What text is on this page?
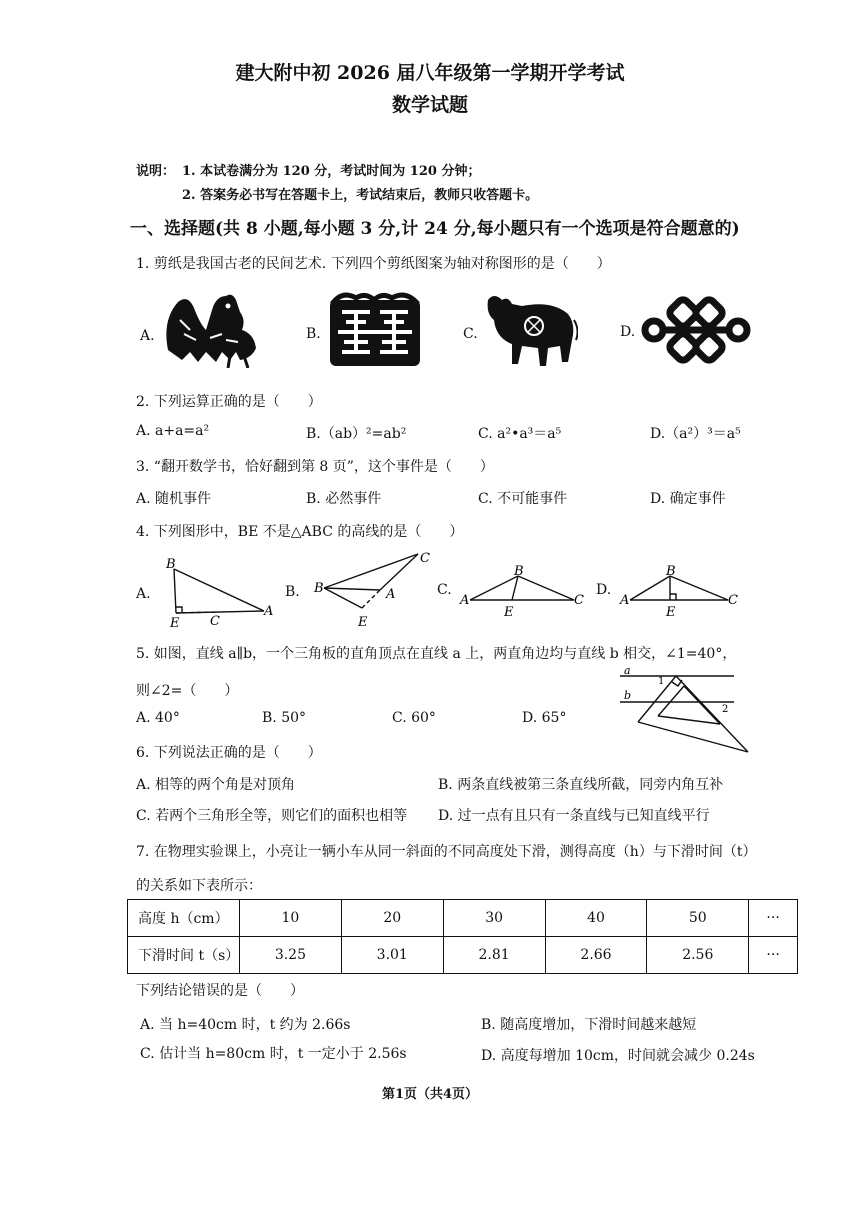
建大附中初 2026 届八年级第一学期开学考试
数学试题
说明： 1. 本试卷满分为 120 分，考试时间为 120 分钟；
2. 答案务必书写在答题卡上，考试结束后，教师只收答题卡。
一、选择题(共 8 小题,每小题 3 分,计 24 分,每小题只有一个选项是符合题意的)
1. 剪纸是我国古老的民间艺术. 下列四个剪纸图案为轴对称图形的是（　　）
A.	B.	C.	D.
2. 下列运算正确的是（　　）
A. a+a=a²	B.（ab）²=ab²	C. a²•a³＝a⁵	D.（a²）³＝a⁵
3. “翻开数学书，恰好翻到第 8 页”，这个事件是（　　）
A. 随机事件	B. 必然事件	C. 不可能事件	D. 确定事件
4. 下列图形中，BE 不是△ABC 的高线的是（　　）
A.	B.	C.	D.
B
E C
A
B
C
A
E
B
A	C
E
B
A	C
E
5. 如图，直线 a∥b，一个三角板的直角顶点在直线 a 上，两直角边均与直线 b 相交，∠1=40°，
则∠2=（　　）
A. 40°	B. 50°	C. 60°	D. 65°
a
b
1
2
6. 下列说法正确的是（　　）
A. 相等的两个角是对顶角	B. 两条直线被第三条直线所截，同旁内角互补
C. 若两个三角形全等，则它们的面积也相等 D. 过一点有且只有一条直线与已知直线平行
7. 在物理实验课上，小亮让一辆小车从同一斜面的不同高度处下滑，测得高度（h）与下滑时间（t）
的关系如下表所示：
高度 h（cm）	10	20	30	40	50	···
下滑时间 t（s）	3.25	3.01	2.81	2.66	2.56	···
下列结论错误的是（　　）
A. 当 h=40cm 时，t 约为 2.66s	B. 随高度增加，下滑时间越来越短
C. 估计当 h=80cm 时，t 一定小于 2.56s	D. 高度每增加 10cm，时间就会减少 0.24s
第1页（共4页）
